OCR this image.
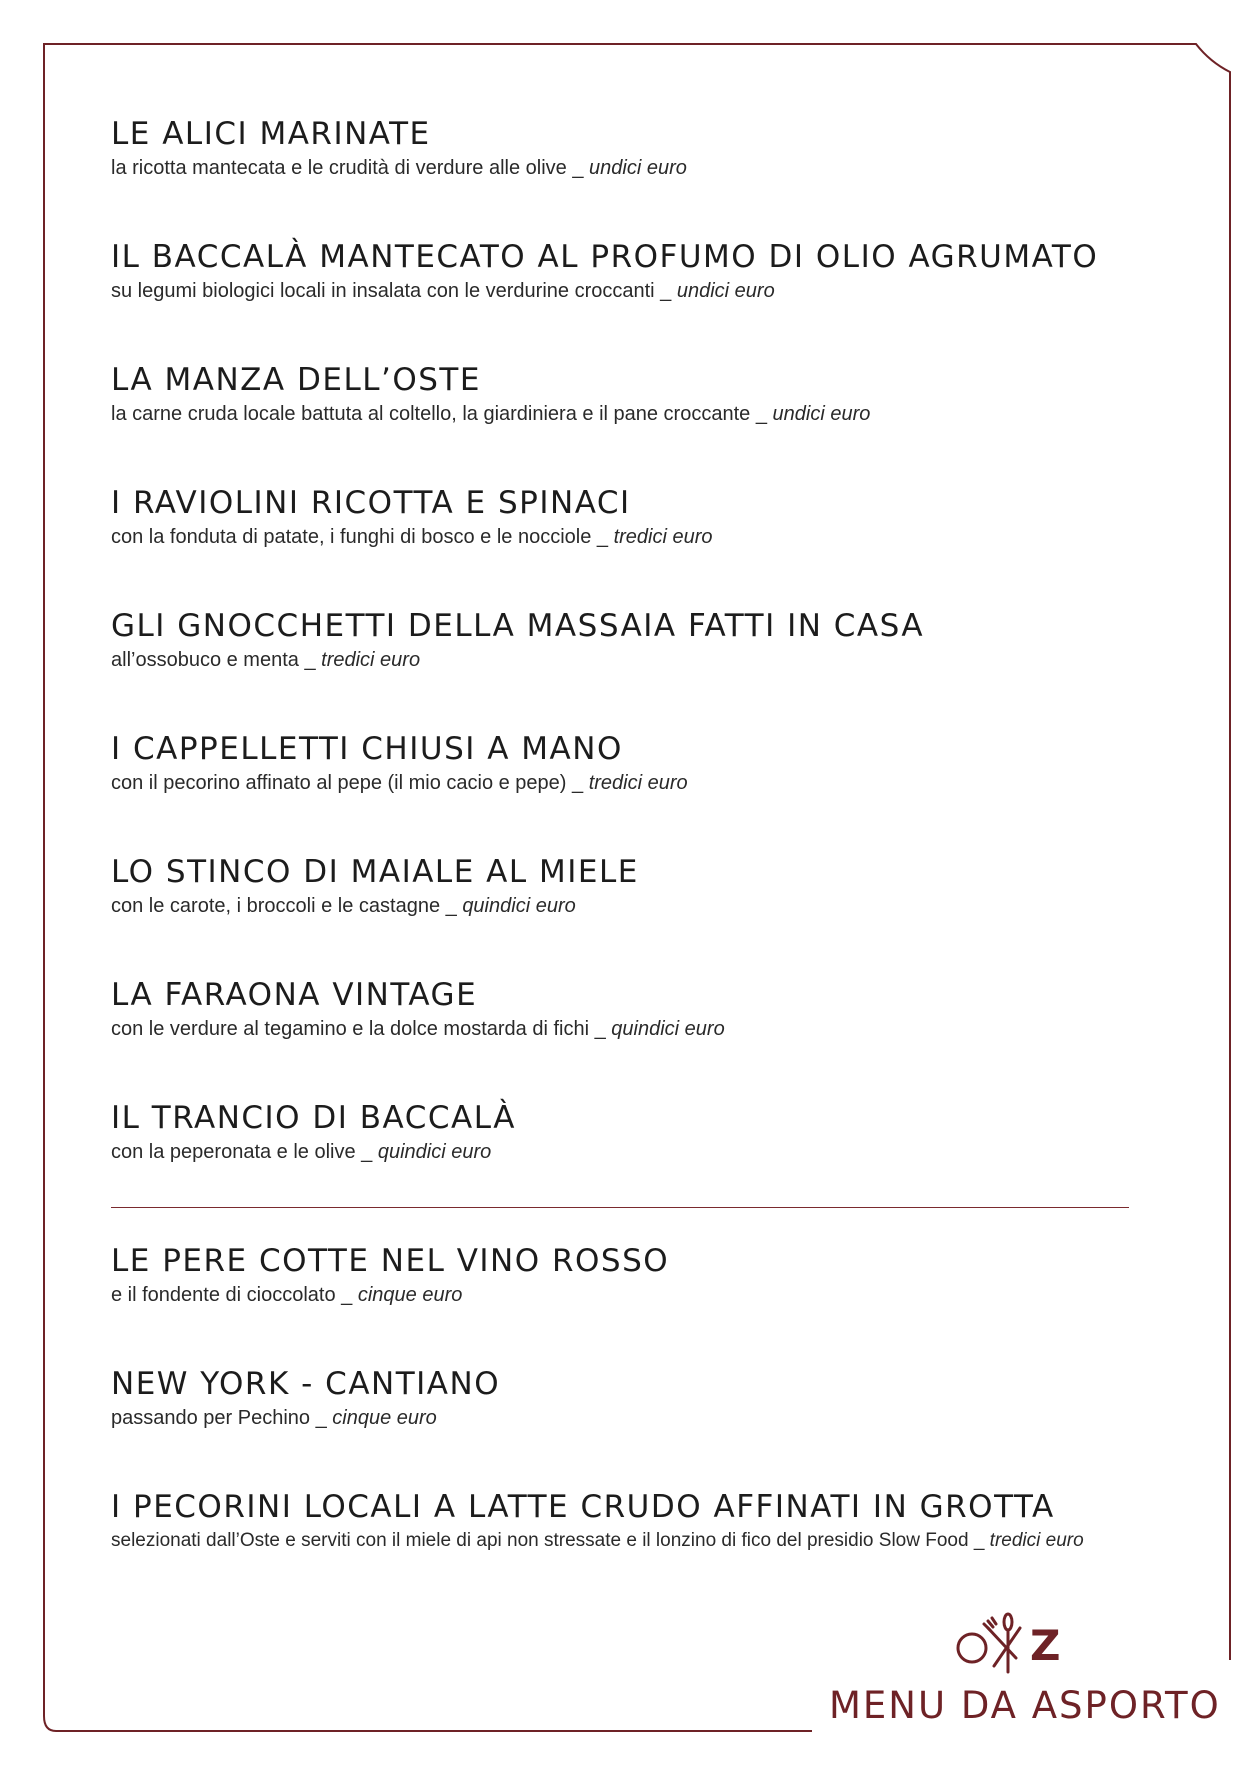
LE ALICI MARINATE
la ricotta mantecata e le crudità di verdure alle olive _ undici euro
IL BACCALÀ MANTECATO AL PROFUMO DI OLIO AGRUMATO
su legumi biologici locali in insalata con le verdurine croccanti _ undici euro
LA MANZA DELL’OSTE
la carne cruda locale battuta al coltello, la giardiniera e il pane croccante _ undici euro
I RAVIOLINI RICOTTA E SPINACI
con la fonduta di patate, i funghi di bosco e le nocciole _ tredici euro
GLI GNOCCHETTI DELLA MASSAIA FATTI IN CASA
all’ossobuco e menta _ tredici euro
I CAPPELLETTI CHIUSI A MANO
con il pecorino affinato al pepe (il mio cacio e pepe) _ tredici euro
LO STINCO DI MAIALE AL MIELE
con le carote, i broccoli e le castagne _ quindici euro
LA FARAONA VINTAGE
con le verdure al tegamino e la dolce mostarda di fichi _ quindici euro
IL TRANCIO DI BACCALÀ
con la peperonata e le olive _ quindici euro
LE PERE COTTE NEL VINO ROSSO
e il fondente di cioccolato _ cinque euro
NEW YORK - CANTIANO
passando per Pechino _ cinque euro
I PECORINI LOCALI A LATTE CRUDO AFFINATI IN GROTTA
selezionati dall’Oste e serviti con il miele di api non stressate e il lonzino di fico del presidio Slow Food _ tredici euro
Z
MENU DA ASPORTO
